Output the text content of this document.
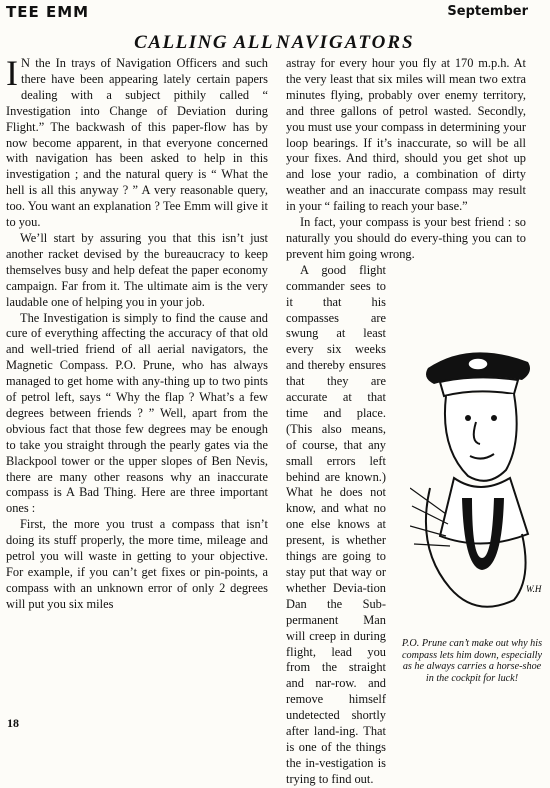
TEE EMM	September
CALLING ALL NAVIGATORS

I N the In trays of Navigation Officers and such there have been appearing lately certain papers dealing with a subject pithily called “ Investigation into Change of Deviation during Flight.” The backwash of this paper-flow has by now become apparent, in that everyone concerned with navigation has been asked to help in this investigation ; and the natural query is “ What the hell is all this anyway ? ” A very reasonable query, too. You want an explanation ? Tee Emm will give it to you.

We’ll start by assuring you that this isn’t just another racket devised by the bureaucracy to keep themselves busy and help defeat the paper economy campaign. Far from it. The ultimate aim is the very laudable one of helping you in your job.

The Investigation is simply to find the cause and cure of everything affecting the accuracy of that old and well-tried friend of all aerial navigators, the Magnetic Compass. P.O. Prune, who has always managed to get home with any-thing up to two pints of petrol left, says “ Why the flap ? What’s a few degrees between friends ? ” Well, apart from the obvious fact that those few degrees may be enough to take you straight through the pearly gates via the Blackpool tower or the upper slopes of Ben Nevis, there are many other reasons why an inaccurate compass is A Bad Thing. Here are three important ones :

First, the more you trust a compass that isn’t doing its stuff properly, the more time, mileage and petrol you will waste in getting to your objective. For example, if you can’t get fixes or pin-points, a compass with an unknown error of only 2 degrees will put you six miles

astray for every hour you fly at 170 m.p.h. At the very least that six miles will mean two extra minutes flying, probably over enemy territory, and three gallons of petrol wasted. Secondly, you must use your compass in determining your loop bearings. If it’s inaccurate, so will be all your fixes. And third, should you get shot up and lose your radio, a combination of dirty weather and an inaccurate compass may result in your “ failing to reach your base.”

In fact, your compass is your best friend : so naturally you should do every-thing you can to prevent him going wrong.

A good flight commander sees to it that his compasses are swung at least every six weeks and thereby ensures that they are accurate at that time and place. (This also means, of course, that any small errors left behind are known.) What he does not know, and what no one else knows at present, is whether things are going to stay put that way or whether Devia-tion Dan the Sub-permanent Man will creep in during flight, lead you from the straight and nar-row. and remove himself undetected shortly after land-ing. That is one of the things the in-vestigation is trying to find out.

W.H
P.O. Prune can’t make out why his compass lets him down, especially as he always carries a horse-shoe in the cockpit for luck!
18
